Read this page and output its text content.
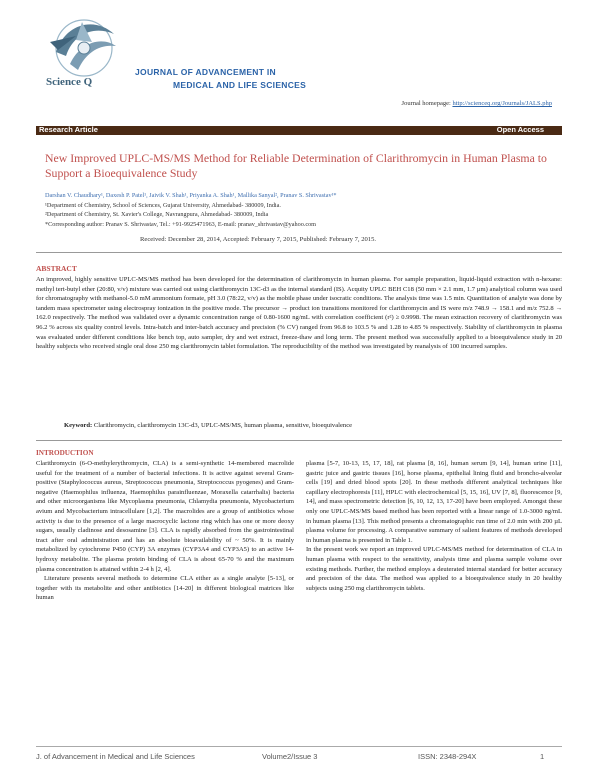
Science Q
JOURNAL OF ADVANCEMENT IN
MEDICAL AND LIFE SCIENCES
Journal homepage: http://scienceq.org/Journals/JALS.php
Research Article	Open Access
New Improved UPLC-MS/MS Method for Reliable Determination of Clarithromycin in Human Plasma to Support a Bioequivalence Study
Darshan V. Chaudhary¹, Daxesh P. Patel¹, Jaivik V. Shah¹, Priyanka A. Shah¹, Mallika Sanyal², Pranav S. Shrivastav¹*
¹Department of Chemistry, School of Sciences, Gujarat University, Ahmedabad- 380009, India.
²Department of Chemistry, St. Xavier's College, Navrangpura, Ahmedabad- 380009, India
*Corresponding author: Pranav S. Shrivastav, Tel.: +91-9925471963, E-mail: pranav_shrivastav@yahoo.com
Received: December 28, 2014, Accepted: February 7, 2015, Published: February 7, 2015.
ABSTRACT
An improved, highly sensitive UPLC-MS/MS method has been developed for the determination of clarithromycin in human plasma. For sample preparation, liquid-liquid extraction with n-hexane: methyl tert-butyl ether (20:80, v/v) mixture was carried out using clarithromycin 13C-d3 as the internal standard (IS). Acquity UPLC BEH C18 (50 mm × 2.1 mm, 1.7 µm) analytical column was used for chromatography with methanol-5.0 mM ammonium formate, pH 3.0 (78:22, v/v) as the mobile phase under isocratic conditions. The analysis time was 1.5 min. Quantitation of analyte was done by tandem mass spectrometer using electrospray ionization in the positive mode. The precursor → product ion transitions monitored for clarithromycin and IS were m/z 748.9 → 158.1 and m/z 752.8 → 162.0 respectively. The method was validated over a dynamic concentration range of 0.80-1600 ng/mL with correlation coefficient (r²) ≥ 0.9998. The mean extraction recovery of clarithromycin was 96.2 % across six quality control levels. Intra-batch and inter-batch accuracy and precision (% CV) ranged from 96.8 to 103.5 % and 1.28 to 4.85 % respectively. Stability of clarithromycin in plasma was evaluated under different conditions like bench top, auto sampler, dry and wet extract, freeze-thaw and long term. The present method was successfully applied to a bioequivalence study in 20 healthy subjects who received single oral dose 250 mg clarithromycin tablet formulation. The reproducibility of the method was investigated by reanalysis of 100 incurred samples.
Keyword: Clarithromycin, clarithromycin 13C-d3, UPLC-MS/MS, human plasma, sensitive, bioequivalence
INTRODUCTION

Clarithromycin (6-O-methylerythromycin, CLA) is a semi-synthetic 14-membered macrolide useful for the treatment of a number of bacterial infections. It is active against several Gram-positive (Staphylococcus aureus, Streptococcus pneumonia, Streptococcus pyogenes) and Gram-negative (Haemophilus influenza, Haemophilus parainfluenzae, Moraxella catarrhalis) bacteria and other microorganisms like Mycoplasma pneumonia, Chlamydia pneumonia, Mycobacterium avium and Mycobacterium intracellulare [1,2]. The macrolides are a group of antibiotics whose activity is due to the presence of a large macrocyclic lactone ring which has one or more deoxy sugars, usually cladinose and desosamine [3]. CLA is rapidly absorbed from the gastrointestinal tract after oral administration and has an absolute bioavailability of ~ 50%. It is mainly metabolized by cytochrome P450 (CYP) 3A enzymes (CYP3A4 and CYP3A5) to an active 14-hydroxy metabolite. The plasma protein binding of CLA is about 65-70 % and the maximum plasma concentration is attained within 2-4 h [2, 4].

Literature presents several methods to determine CLA either as a single analyte [5-13], or together with its metabolite and other antibiotics [14-20] in different biological matrices like human

plasma [5-7, 10-13, 15, 17, 18], rat plasma [8, 16], human serum [9, 14], human urine [11], gastric juice and gastric tissues [16], horse plasma, epithelial lining fluid and broncho-alveolar cells [19] and dried blood spots [20]. In these methods different analytical techniques like capillary electrophoresis [11], HPLC with electrochemical [5, 15, 16], UV [7, 8], fluorescence [9, 14], and mass spectrometric detection [6, 10, 12, 13, 17-20] have been employed. Amongst these only one UPLC-MS/MS based method has been reported with a linear range of 1.0-3000 ng/mL in human plasma [13]. This method presents a chromatographic run time of 2.0 min with 200 µL plasma volume for processing. A comparative summary of salient features of methods developed in human plasma is presented in Table 1.

In the present work we report an improved UPLC-MS/MS method for determination of CLA in human plasma with respect to the sensitivity, analysis time and plasma sample volume over existing methods. Further, the method employs a deuterated internal standard for better accuracy and precision of the data. The method was applied to a bioequivalence study in 20 healthy subjects using 250 mg clarithromycin tablets.

J. of Advancement in Medical and Life Sciences	Volume2/Issue 3	ISSN: 2348-294X	1
